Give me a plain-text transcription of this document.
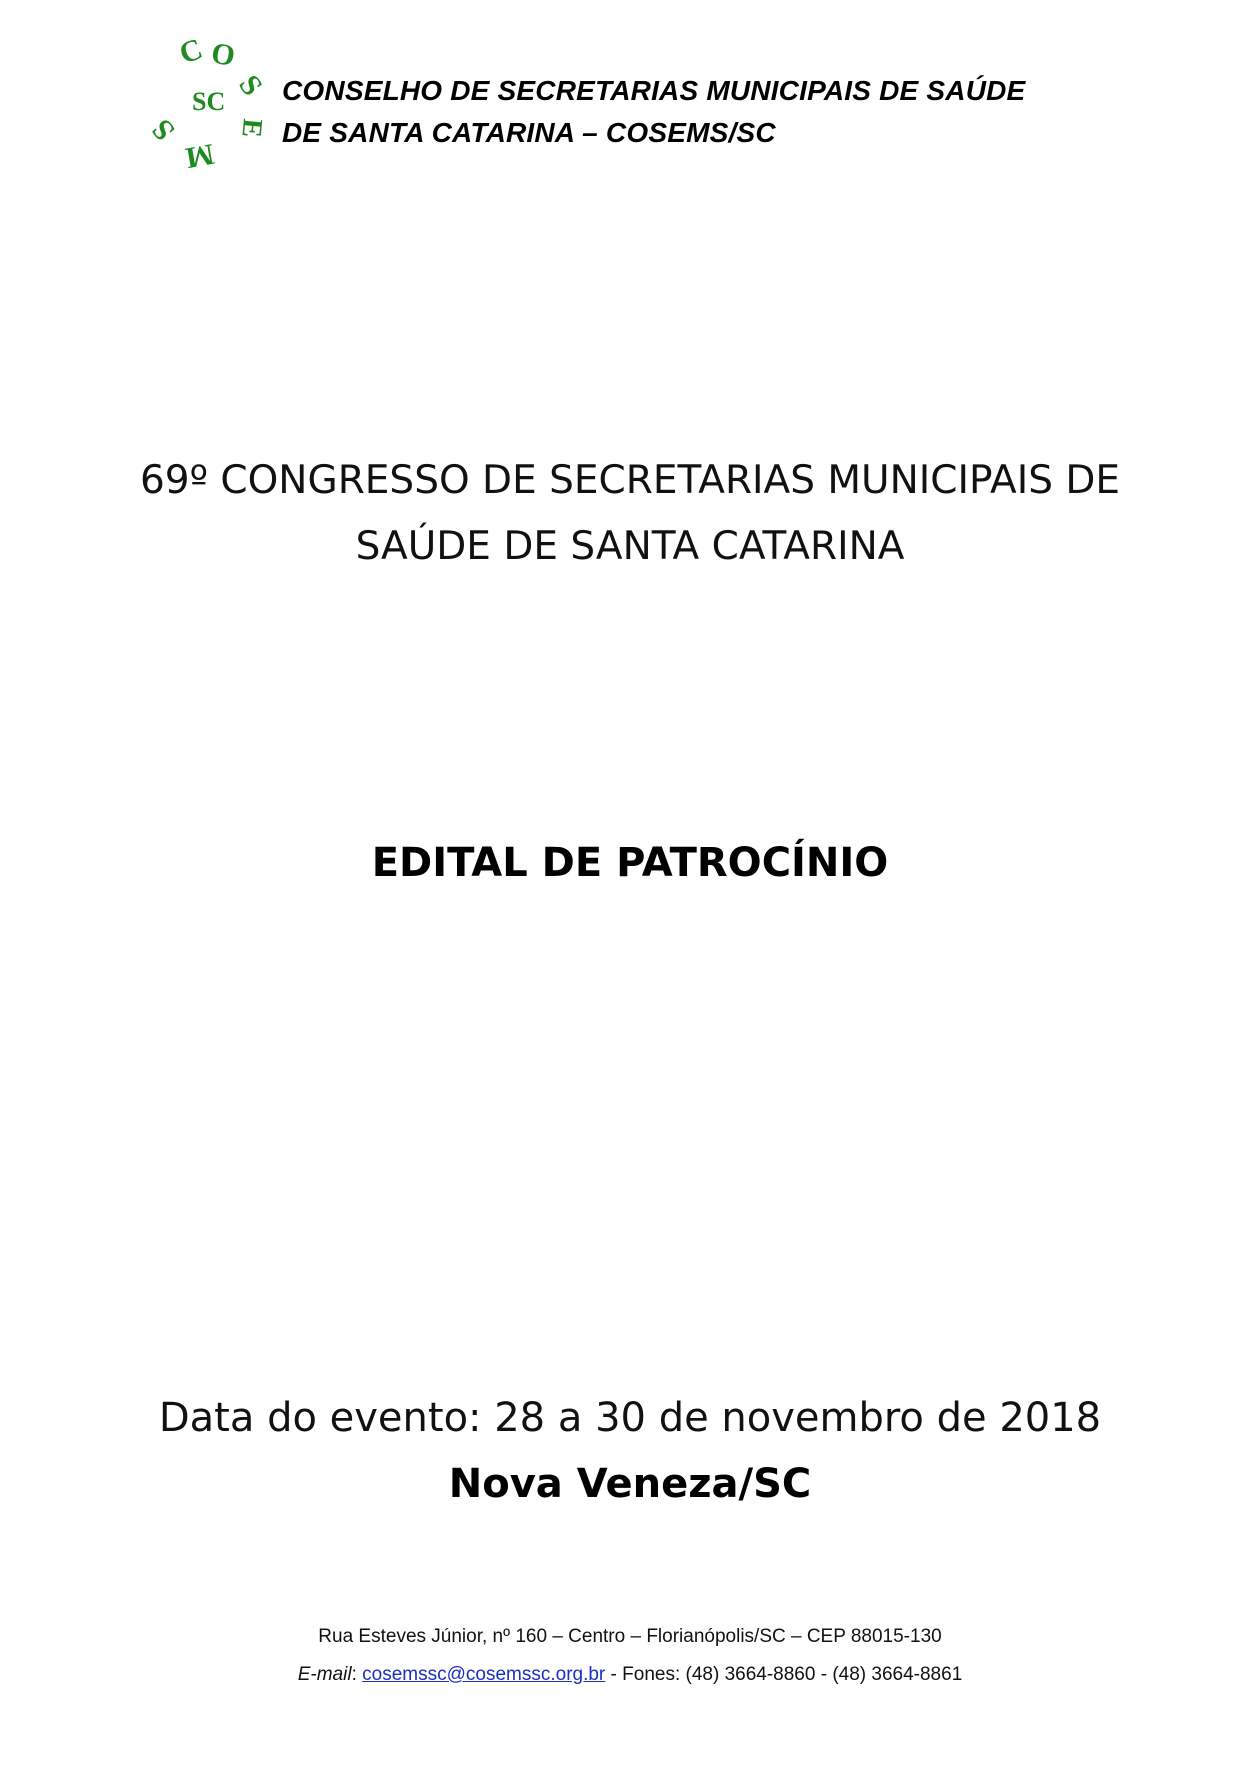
C O
S
E
M
S
SC CONSELHO DE SECRETARIAS MUNICIPAIS DE SAÚDE
DE SANTA CATARINA – COSEMS/SC
69º CONGRESSO DE SECRETARIAS MUNICIPAIS DE
SAÚDE DE SANTA CATARINA
EDITAL DE PATROCÍNIO
Data do evento: 28 a 30 de novembro de 2018
Nova Veneza/SC
Rua Esteves Júnior, nº 160 – Centro – Florianópolis/SC – CEP 88015-130
E-mail: cosemssc@cosemssc.org.br - Fones: (48) 3664-8860 - (48) 3664-8861
